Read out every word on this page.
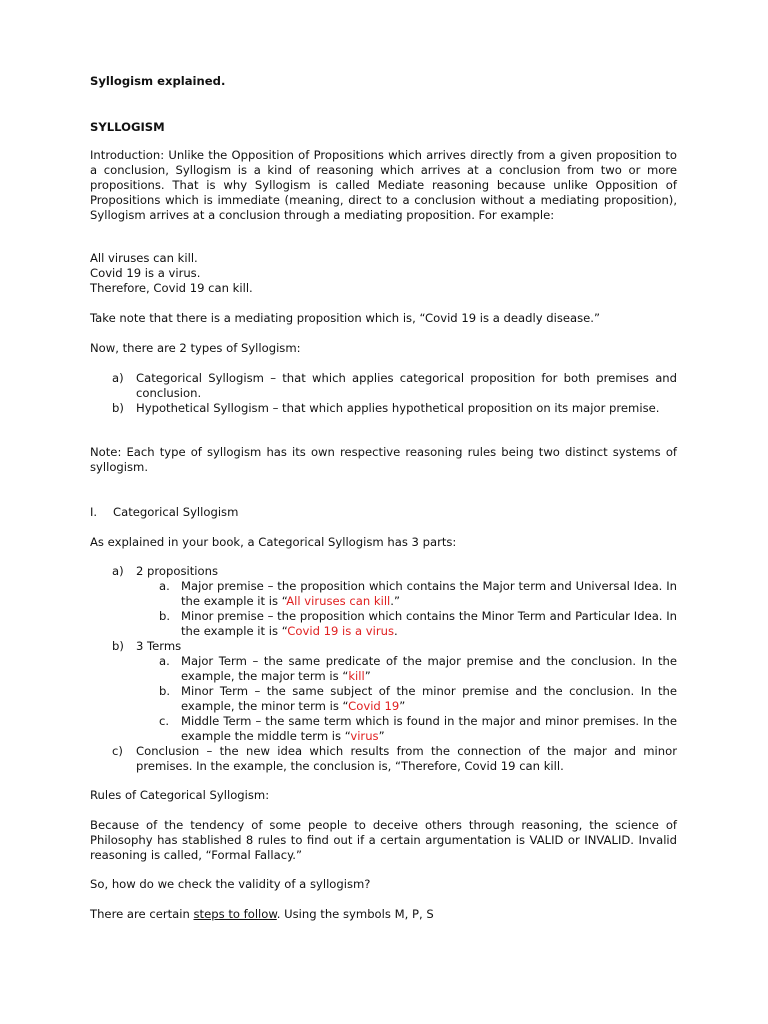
Syllogism explained.

SYLLOGISM

Introduction: Unlike the Opposition of Propositions which arrives directly from a given proposition to a conclusion, Syllogism is a kind of reasoning which arrives at a conclusion from two or more propositions. That is why Syllogism is called Mediate reasoning because unlike Opposition of Propositions which is immediate (meaning, direct to a conclusion without a mediating proposition), Syllogism arrives at a conclusion through a mediating proposition. For example:

All viruses can kill.
Covid 19 is a virus.
Therefore, Covid 19 can kill.

Take note that there is a mediating proposition which is, “Covid 19 is a deadly disease.”

Now, there are 2 types of Syllogism:

a) Categorical Syllogism – that which applies categorical proposition for both premises and conclusion.

b) Hypothetical Syllogism – that which applies hypothetical proposition on its major premise.

Note: Each type of syllogism has its own respective reasoning rules being two distinct systems of syllogism.

I. Categorical Syllogism

As explained in your book, a Categorical Syllogism has 3 parts:

a) 2 propositions
a. Major premise – the proposition which contains the Major term and Universal Idea. In the example it is “All viruses can kill.”

b. Minor premise – the proposition which contains the Minor Term and Particular Idea. In the example it is “Covid 19 is a virus.

b) 3 Terms
a. Major Term – the same predicate of the major premise and the conclusion. In the example, the major term is “kill”

b. Minor Term – the same subject of the minor premise and the conclusion. In the example, the minor term is “Covid 19”

c. Middle Term – the same term which is found in the major and minor premises. In the example the middle term is “virus”

c) Conclusion – the new idea which results from the connection of the major and minor premises. In the example, the conclusion is, “Therefore, Covid 19 can kill.

Rules of Categorical Syllogism:

Because of the tendency of some people to deceive others through reasoning, the science of Philosophy has stablished 8 rules to find out if a certain argumentation is VALID or INVALID. Invalid reasoning is called, “Formal Fallacy.”

So, how do we check the validity of a syllogism?

There are certain steps to follow. Using the symbols M, P, S
